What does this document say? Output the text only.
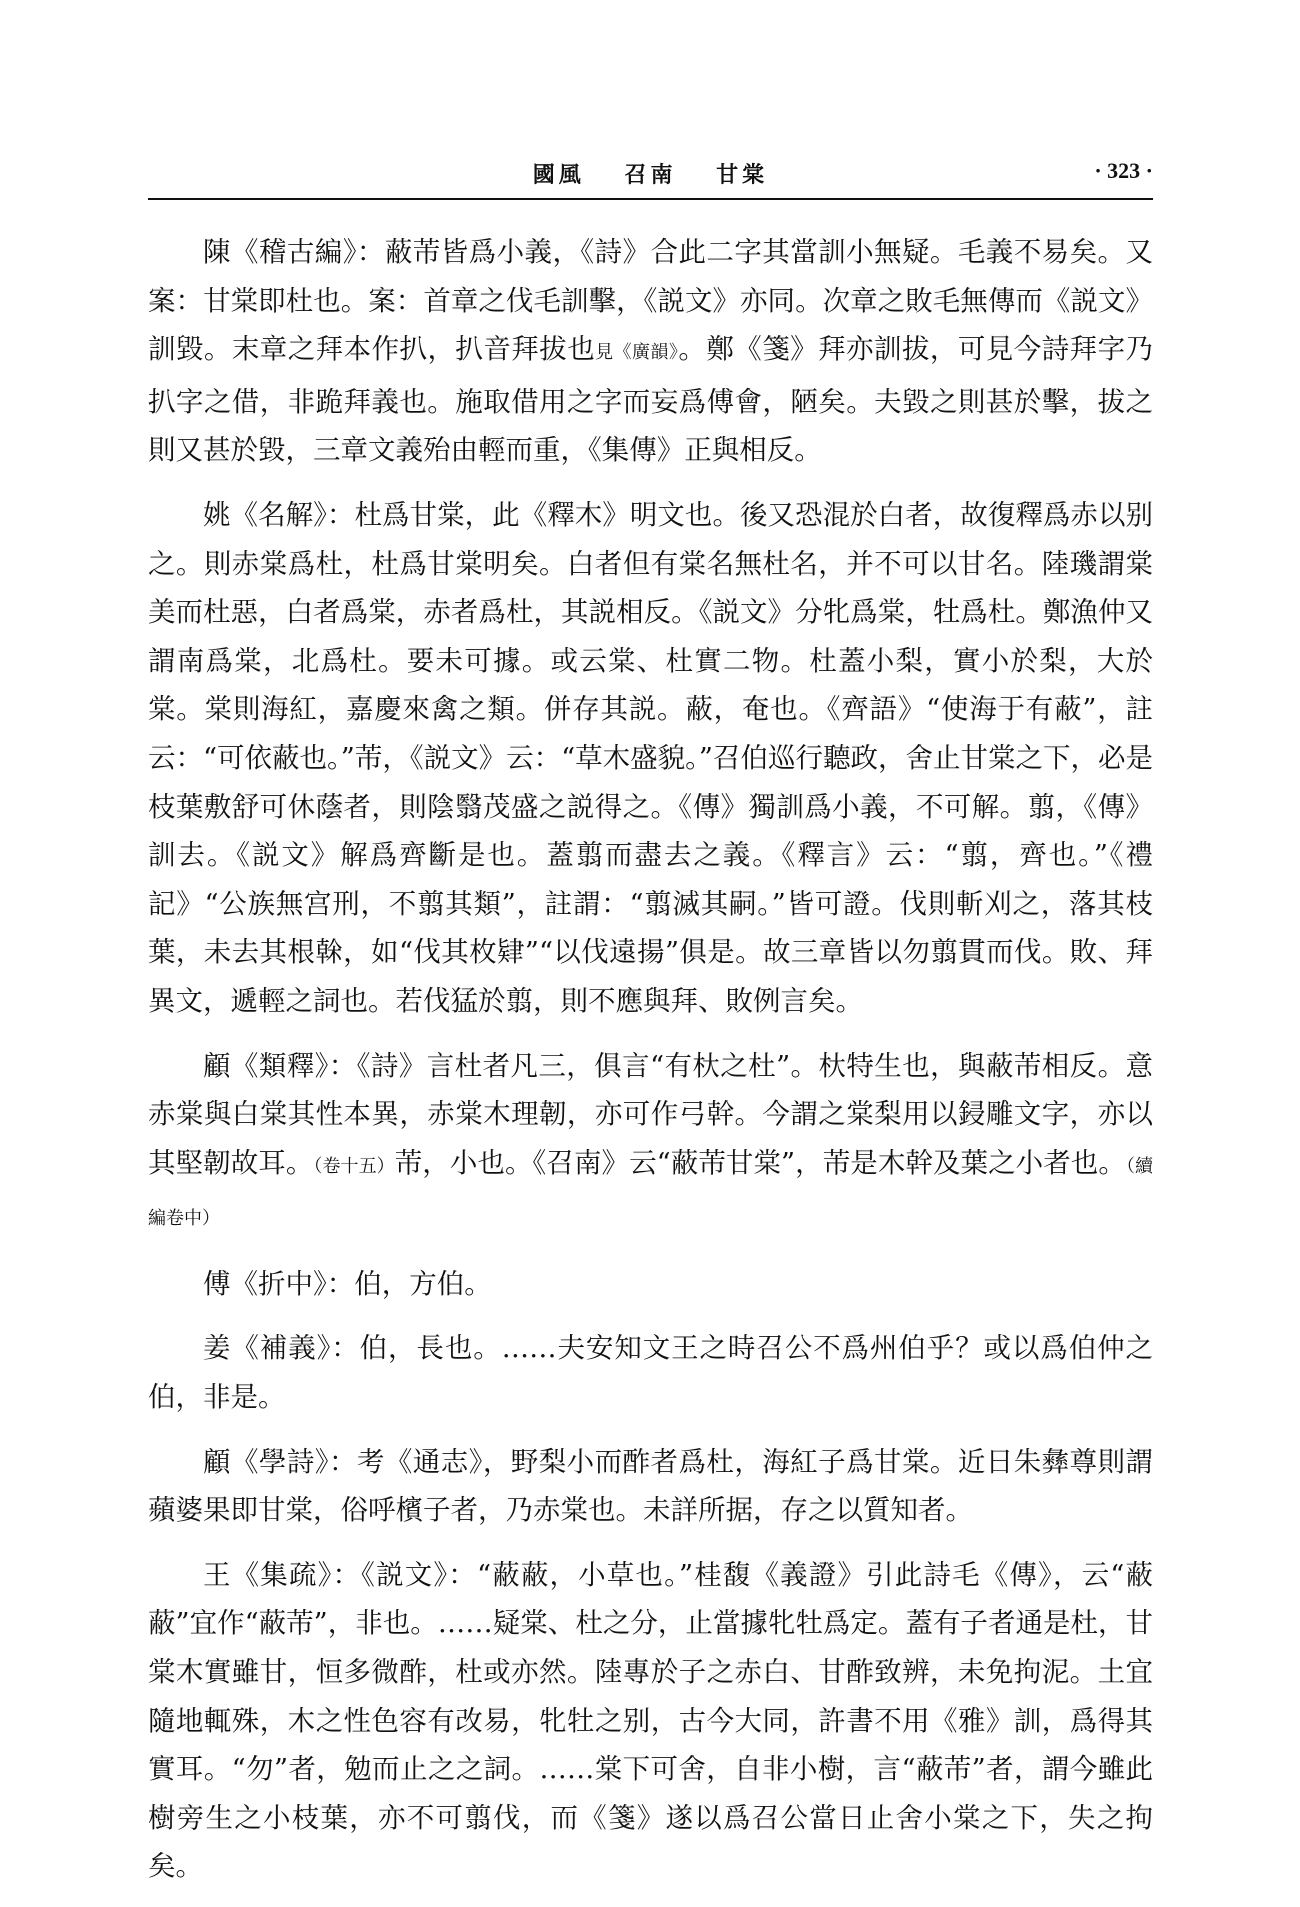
國風 召南 甘棠	· 323 ·

陳《稽古編》：蔽芾皆爲小義，《詩》合此二字其當訓小無疑。毛義不易矣。又案：甘棠即杜也。案：首章之伐毛訓擊，《説文》亦同。次章之敗毛無傳而《説文》訓毀。末章之拜本作扒，扒音拜拔也見《廣韻》。鄭《箋》拜亦訓拔，可見今詩拜字乃扒字之借，非跪拜義也。施取借用之字而妄爲傅會，陋矣。夫毀之則甚於擊，拔之則又甚於毀，三章文義殆由輕而重，《集傳》正與相反。

姚《名解》：杜爲甘棠，此《釋木》明文也。後又恐混於白者，故復釋爲赤以别之。則赤棠爲杜，杜爲甘棠明矣。白者但有棠名無杜名，并不可以甘名。陸璣謂棠美而杜惡，白者爲棠，赤者爲杜，其説相反。《説文》分牝爲棠，牡爲杜。鄭漁仲又謂南爲棠，北爲杜。要未可據。或云棠、杜實二物。杜蓋小梨，實小於梨，大於棠。棠則海紅，嘉慶來禽之類。併存其説。蔽，奄也。《齊語》“使海于有蔽”，註云：“可依蔽也。”芾，《説文》云：“草木盛貌。”召伯巡行聽政，舍止甘棠之下，必是枝葉敷舒可休蔭者，則陰翳茂盛之説得之。《傳》獨訓爲小義，不可解。翦，《傳》訓去。《説文》解爲齊斷是也。蓋翦而盡去之義。《釋言》云：“翦，齊也。”《禮記》“公族無宫刑，不翦其類”，註謂：“翦滅其嗣。”皆可證。伐則斬刈之，落其枝葉，未去其根榦，如“伐其枚肄”“以伐遠揚”俱是。故三章皆以勿翦貫而伐。敗、拜異文，遞輕之詞也。若伐猛於翦，則不應與拜、敗例言矣。

顧《類釋》：《詩》言杜者凡三，俱言“有杕之杜”。杕特生也，與蔽芾相反。意赤棠與白棠其性本異，赤棠木理韌，亦可作弓幹。今謂之棠梨用以鋟雕文字，亦以其堅韌故耳。（卷十五）芾，小也。《召南》云“蔽芾甘棠”，芾是木幹及葉之小者也。（續編卷中）

傅《折中》：伯，方伯。

姜《補義》：伯，長也。……夫安知文王之時召公不爲州伯乎？或以爲伯仲之伯，非是。

顧《學詩》：考《通志》，野梨小而酢者爲杜，海紅子爲甘棠。近日朱彝尊則謂蘋婆果即甘棠，俗呼檳子者，乃赤棠也。未詳所据，存之以質知者。

王《集疏》：《説文》：“蔽蔽，小草也。”桂馥《義證》引此詩毛《傳》，云“蔽蔽”宜作“蔽芾”，非也。……疑棠、杜之分，止當據牝牡爲定。蓋有子者通是杜，甘棠木實雖甘，恒多微酢，杜或亦然。陸專於子之赤白、甘酢致辨，未免拘泥。土宜隨地輒殊，木之性色容有改易，牝牡之别，古今大同，許書不用《雅》訓，爲得其實耳。“勿”者，勉而止之之詞。……棠下可舍，自非小樹，言“蔽芾”者，謂今雖此樹旁生之小枝葉，亦不可翦伐，而《箋》遂以爲召公當日止舍小棠之下，失之拘矣。
